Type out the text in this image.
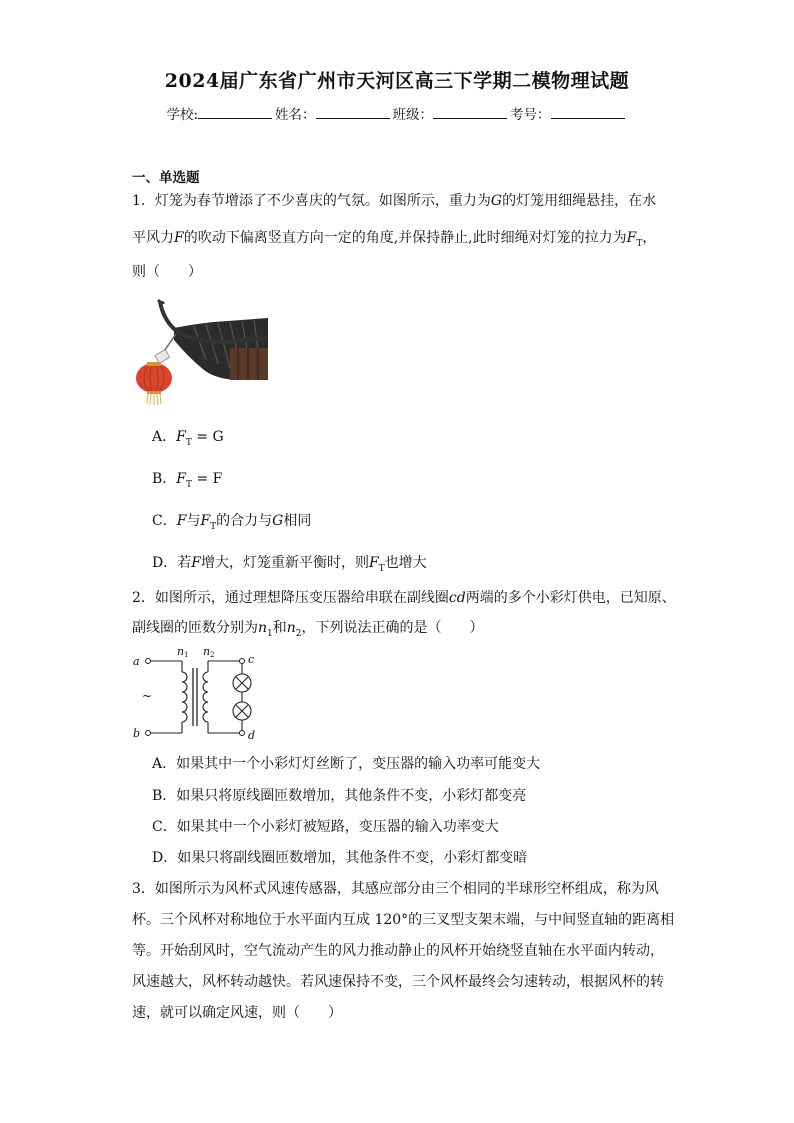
2024届广东省广州市天河区高三下学期二模物理试题
学校:	姓名：	班级：	考号：
一、单选题
1．灯笼为春节增添了不少喜庆的气氛。如图所示，重力为G的灯笼用细绳悬挂，在水
平风力F的吹动下偏离竖直方向一定的角度,并保持静止,此时细绳对灯笼的拉力为$F_T$，
则（　　）
A．$F_T = G$
B．$F_T = F$
C．F与$F_T$的合力与G相同
D．若F增大，灯笼重新平衡时，则$F_T$也增大
2．如图所示，通过理想降压变压器给串联在副线圈cd两端的多个小彩灯供电，已知原、
副线圈的匝数分别为$n_1$和$n_2$，下列说法正确的是（　　）
a
b
c
d
n n
1	2
~
A．如果其中一个小彩灯灯丝断了，变压器的输入功率可能变大
B．如果只将原线圈匝数增加，其他条件不变，小彩灯都变亮
C．如果其中一个小彩灯被短路，变压器的输入功率变大
D．如果只将副线圈匝数增加，其他条件不变，小彩灯都变暗
3．如图所示为风杯式风速传感器，其感应部分由三个相同的半球形空杯组成，称为风
杯。三个风杯对称地位于水平面内互成 120°的三叉型支架末端，与中间竖直轴的距离相
等。开始刮风时，空气流动产生的风力推动静止的风杯开始绕竖直轴在水平面内转动，
风速越大，风杯转动越快。若风速保持不变，三个风杯最终会匀速转动，根据风杯的转
速，就可以确定风速，则（　　）
